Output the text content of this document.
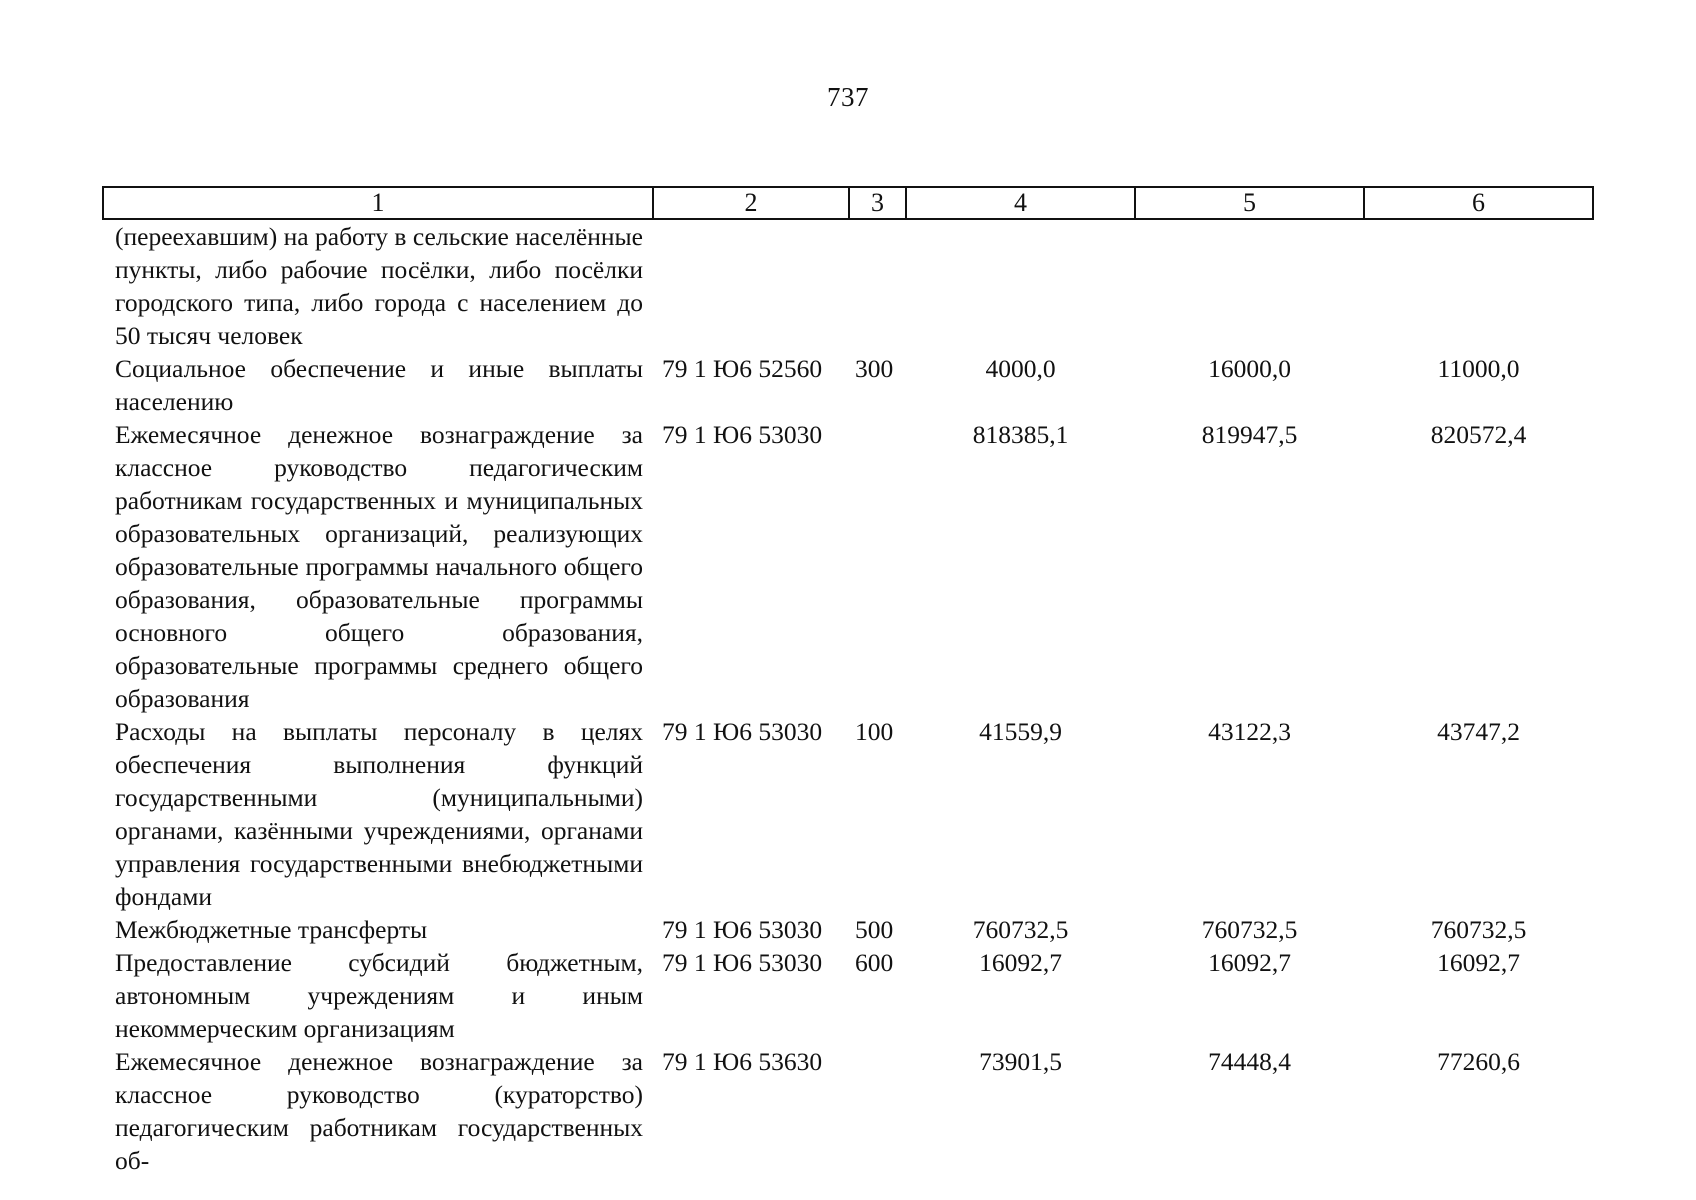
737
1	2	3	4	5	6
(переехавшим) на работу в сельские населённые пункты, либо рабочие посёлки, либо посёлки городского типа, либо города с населением до 50 тысяч человек					
Социальное обеспечение и иные выплаты населению	79 1 Ю6 52560	300	4000,0	16000,0	11000,0
Ежемесячное денежное вознаграждение за классное руководство педагогическим работникам государственных и муниципальных образовательных организаций, реализующих образовательные программы начального общего образования, образовательные программы основного общего образования, образовательные программы среднего общего образования	79 1 Ю6 53030		818385,1	819947,5	820572,4
Расходы на выплаты персоналу в целях обеспечения выполнения функций государственными (муниципальными) органами, казёнными учреждениями, органами управления государственными внебюджетными фондами	79 1 Ю6 53030	100	41559,9	43122,3	43747,2
Межбюджетные трансферты	79 1 Ю6 53030	500	760732,5	760732,5	760732,5
Предоставление субсидий бюджетным, автономным учреждениям и иным некоммерческим организациям	79 1 Ю6 53030	600	16092,7	16092,7	16092,7
Ежемесячное денежное вознаграждение за классное руководство (кураторство) педагогическим работникам государственных об-	79 1 Ю6 53630		73901,5	74448,4	77260,6
